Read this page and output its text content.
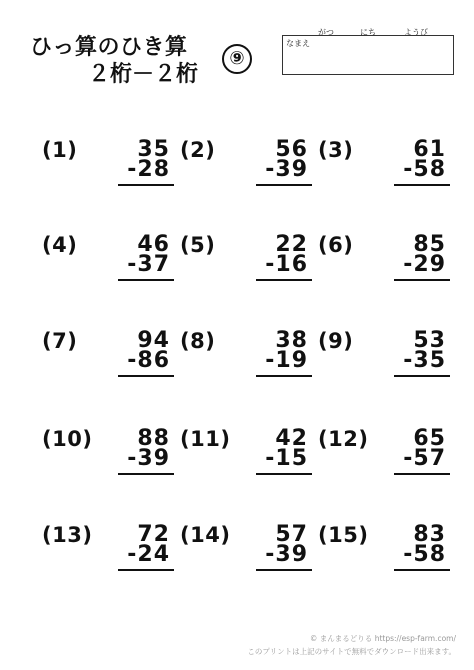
ひっ算のひき算
２桁－２桁
⑨
がつ	にち	ようび
なまえ
(1)	35
-28
(2)	56
-39
(3)	61
-58
(4)	46
-37
(5)	22
-16
(6)	85
-29
(7)	94
-86
(8)	38
-19
(9)	53
-35
(10) 88
-39
(11) 42
-15
(12) 65
-57
(13) 72
-24
(14) 57
-39
(15) 83
-58
© まんまるどりる https://esp-farm.com/
このプリントは上記のサイトで無料でダウンロード出来ます。
